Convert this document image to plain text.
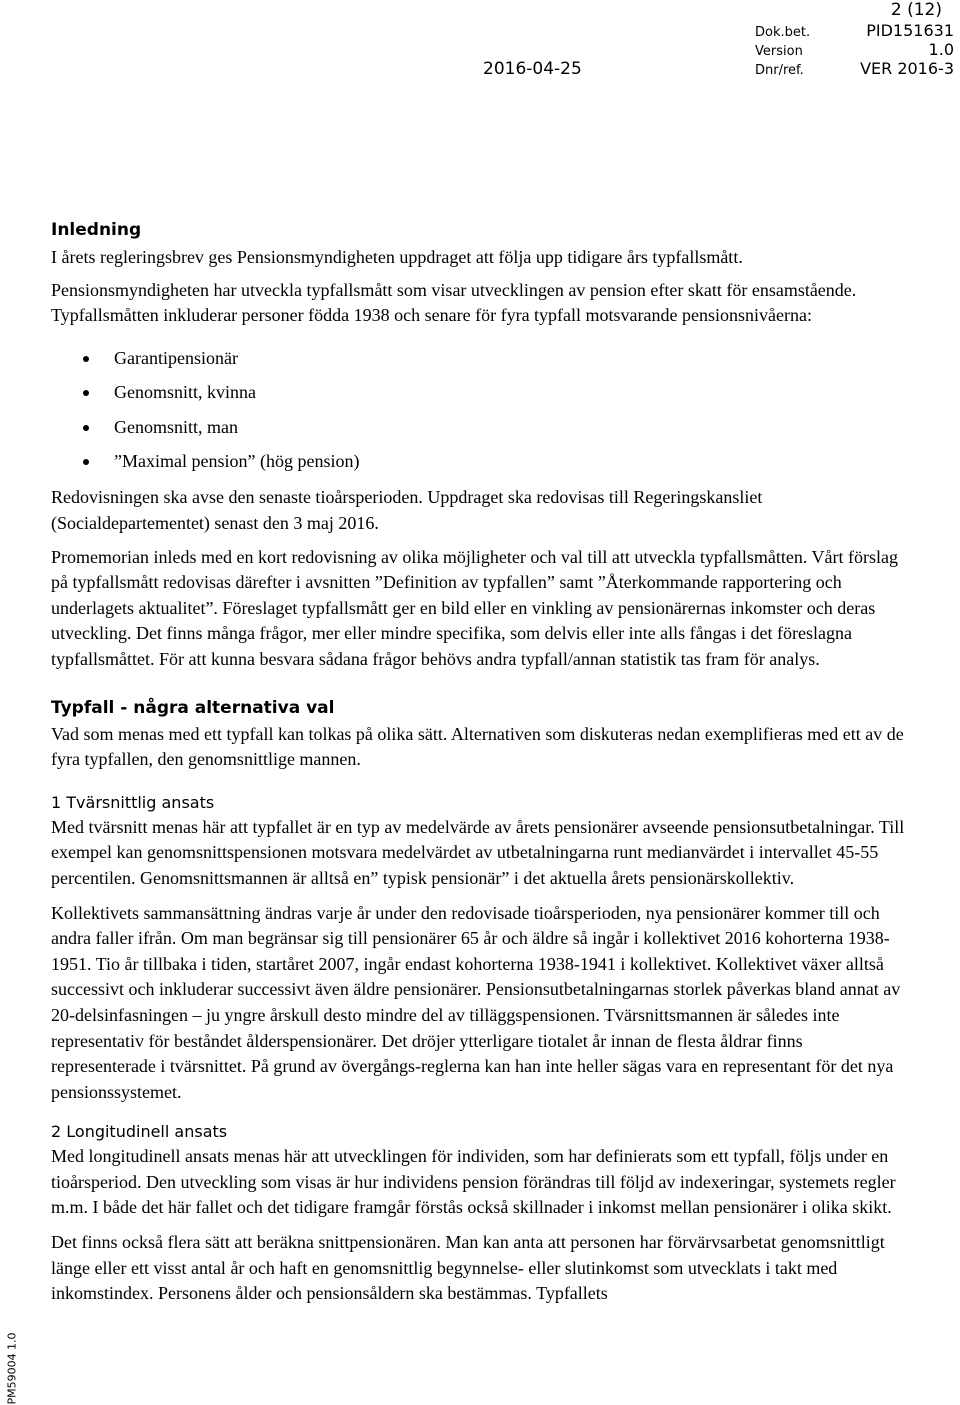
2 (12)
Dok.bet.	PID151631
Version	1.0
2016-04-25	Dnr/ref.	VER 2016-3
Inledning

I årets regleringsbrev ges Pensionsmyndigheten uppdraget att följa upp tidigare års typfallsmått.

Pensionsmyndigheten har utveckla typfallsmått som visar utvecklingen av pension efter skatt för ensamstående. Typfallsmåtten inkluderar personer födda 1938 och senare för fyra typfall motsvarande pensionsnivåerna:

Garantipensionär
Genomsnitt, kvinna
Genomsnitt, man
”Maximal pension” (hög pension)

Redovisningen ska avse den senaste tioårsperioden. Uppdraget ska redovisas till Regeringskansliet (Socialdepartementet) senast den 3 maj 2016.

Promemorian inleds med en kort redovisning av olika möjligheter och val till att utveckla typfallsmåtten. Vårt förslag på typfallsmått redovisas därefter i avsnitten ”Definition av typfallen” samt ”Återkommande rapportering och underlagets aktualitet”. Föreslaget typfallsmått ger en bild eller en vinkling av pensionärernas inkomster och deras utveckling. Det finns många frågor, mer eller mindre specifika, som delvis eller inte alls fångas i det föreslagna typfallsmåttet. För att kunna besvara sådana frågor behövs andra typfall/annan statistik tas fram för analys.

Typfall - några alternativa val

Vad som menas med ett typfall kan tolkas på olika sätt. Alternativen som diskuteras nedan exemplifieras med ett av de fyra typfallen, den genomsnittlige mannen.

1 Tvärsnittlig ansats

Med tvärsnitt menas här att typfallet är en typ av medelvärde av årets pensionärer avseende pensionsutbetalningar. Till exempel kan genomsnittspensionen motsvara medelvärdet av utbetalningarna runt medianvärdet i intervallet 45-55 percentilen. Genomsnittsmannen är alltså en” typisk pensionär” i det aktuella årets pensionärskollektiv.

Kollektivets sammansättning ändras varje år under den redovisade tioårsperioden, nya pensionärer kommer till och andra faller ifrån. Om man begränsar sig till pensionärer 65 år och äldre så ingår i kollektivet 2016 kohorterna 1938-1951. Tio år tillbaka i tiden, startåret 2007, ingår endast kohorterna 1938-1941 i kollektivet. Kollektivet växer alltså successivt och inkluderar successivt även äldre pensionärer. Pensionsutbetalningarnas storlek påverkas bland annat av 20-delsinfasningen – ju yngre årskull desto mindre del av tilläggspensionen. Tvärsnittsmannen är således inte representativ för beståndet ålderspensionärer. Det dröjer ytterligare tiotalet år innan de flesta åldrar finns representerade i tvärsnittet. På grund av övergångs-reglerna kan han inte heller sägas vara en representant för det nya pensionssystemet.

2 Longitudinell ansats

Med longitudinell ansats menas här att utvecklingen för individen, som har definierats som ett typfall, följs under en tioårsperiod. Den utveckling som visas är hur individens pension förändras till följd av indexeringar, systemets regler m.m. I både det här fallet och det tidigare framgår förstås också skillnader i inkomst mellan pensionärer i olika skikt.

Det finns också flera sätt att beräkna snittpensionären. Man kan anta att personen har förvärvsarbetat genomsnittligt länge eller ett visst antal år och haft en genomsnittlig begynnelse- eller slutinkomst som utvecklats i takt med inkomstindex. Personens ålder och pensionsåldern ska bestämmas. Typfallets

PM59004 1.0
